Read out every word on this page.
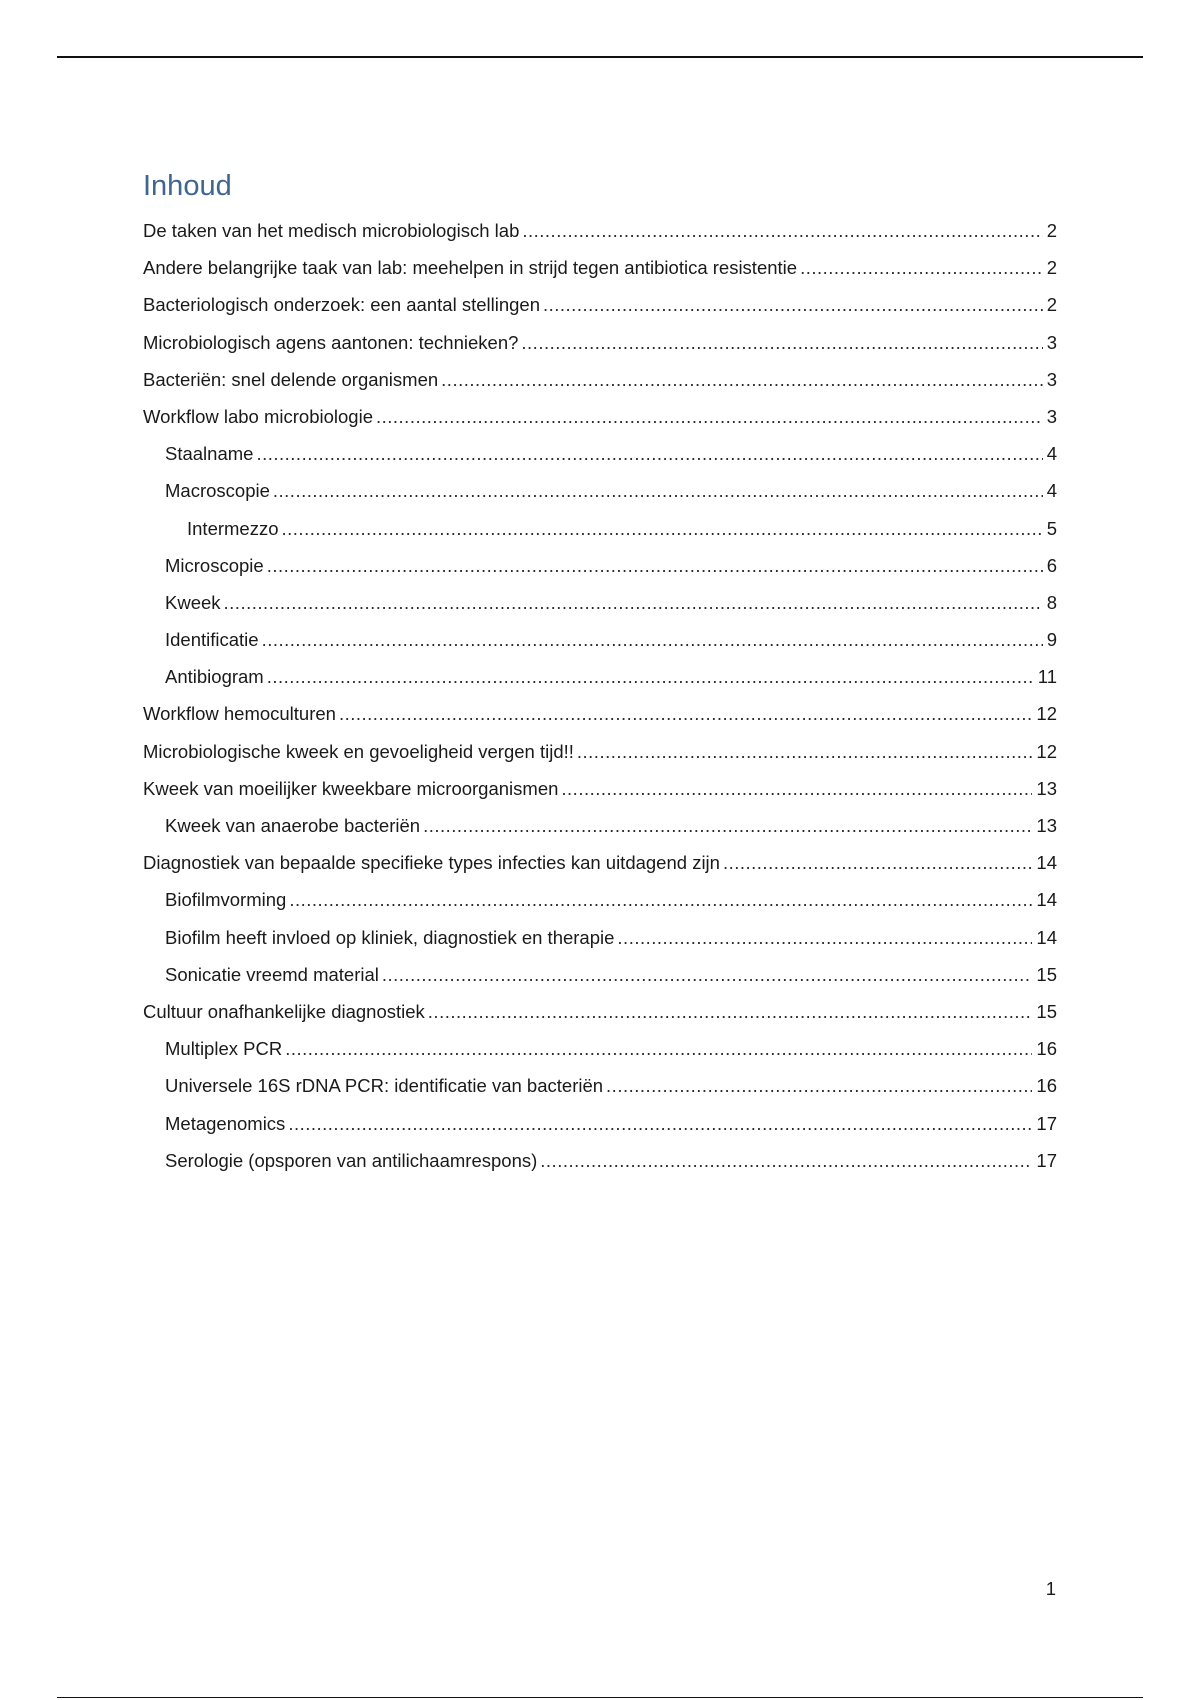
Inhoud
De taken van het medisch microbiologisch lab .....	2
Andere belangrijke taak van lab: meehelpen in strijd tegen antibiotica resistentie .....	2
Bacteriologisch onderzoek: een aantal stellingen .....	2
Microbiologisch agens aantonen: technieken? .....	3
Bacteriën: snel delende organismen .....	3
Workflow labo microbiologie .....	3
Staalname .....	4
Macroscopie .....	4
Intermezzo .....	5
Microscopie .....	6
Kweek .....	8
Identificatie .....	9
Antibiogram .....	11
Workflow hemoculturen .....	12
Microbiologische kweek en gevoeligheid vergen tijd!! .....	12
Kweek van moeilijker kweekbare microorganismen .....	13
Kweek van anaerobe bacteriën .....	13
Diagnostiek van bepaalde specifieke types infecties kan uitdagend zijn .....	14
Biofilmvorming .....	14
Biofilm heeft invloed op kliniek, diagnostiek en therapie .....	14
Sonicatie vreemd material .....	15
Cultuur onafhankelijke diagnostiek .....	15
Multiplex PCR .....	16
Universele 16S rDNA PCR: identificatie van bacteriën .....	16
Metagenomics .....	17
Serologie (opsporen van antilichaamrespons) .....	17
1
